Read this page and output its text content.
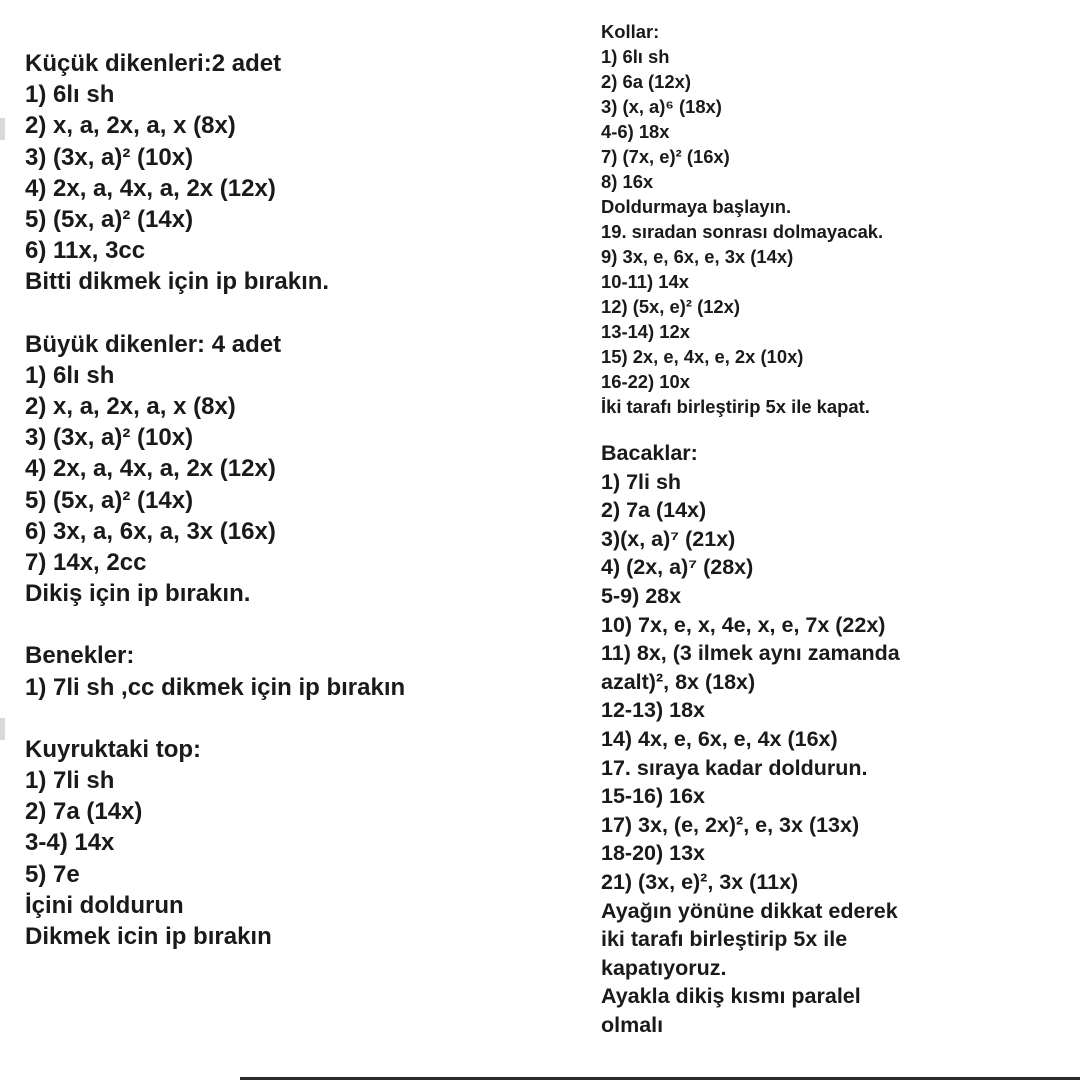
Küçük dikenleri:2 adet
1) 6lı sh
2) x, a, 2x, a, x (8x)
3) (3x, a)² (10x)
4) 2x, a, 4x, a, 2x (12x)
5) (5x, a)² (14x)
6) 11x, 3cc
Bitti dikmek için ip bırakın.
Büyük dikenler: 4 adet
1) 6lı sh
2) x, a, 2x, a, x (8x)
3) (3x, a)² (10x)
4) 2x, a, 4x, a, 2x (12x)
5) (5x, a)² (14x)
6) 3x, a, 6x, a, 3x (16x)
7) 14x, 2cc
Dikiş için ip bırakın.
Benekler:
1) 7li sh ,cc dikmek için ip bırakın
Kuyruktaki top:
1) 7li sh
2) 7a (14x)
3-4) 14x
5) 7e
İçini doldurun
Dikmek icin ip bırakın
Kollar:
1) 6lı sh
2) 6a (12x)
3) (x, a)⁶ (18x)
4-6) 18x
7) (7x, e)² (16x)
8) 16x
Doldurmaya başlayın.
19. sıradan sonrası dolmayacak.
9) 3x, e, 6x, e, 3x (14x)
10-11) 14x
12) (5x, e)² (12x)
13-14) 12x
15) 2x, e, 4x, e, 2x (10x)
16-22) 10x
İki tarafı birleştirip 5x ile kapat.
Bacaklar:
1) 7li sh
2) 7a (14x)
3)(x, a)⁷ (21x)
4) (2x, a)⁷ (28x)
5-9) 28x
10) 7x, e, x, 4e, x, e, 7x (22x)
11) 8x, (3 ilmek aynı zamanda
azalt)², 8x (18x)
12-13) 18x
14) 4x, e, 6x, e, 4x (16x)
17. sıraya kadar doldurun.
15-16) 16x
17) 3x, (e, 2x)², e, 3x (13x)
18-20) 13x
21) (3x, e)², 3x (11x)
Ayağın yönüne dikkat ederek
iki tarafı birleştirip 5x ile
kapatıyoruz.
Ayakla dikiş kısmı paralel
olmalı
